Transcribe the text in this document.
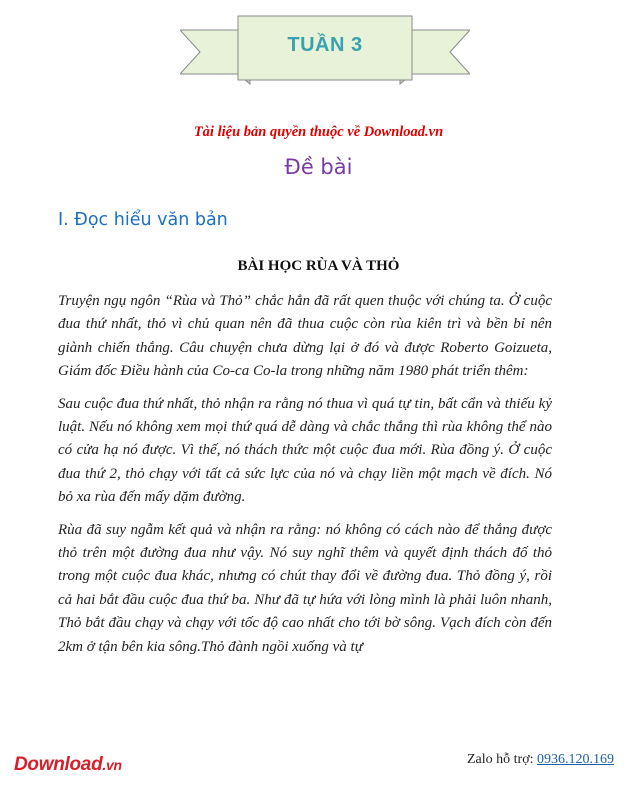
TUẦN 3
Tài liệu bản quyền thuộc về Download.vn
Đề bài
I. Đọc hiểu văn bản
BÀI HỌC RÙA VÀ THỎ

Truyện ngụ ngôn “Rùa và Thỏ” chắc hẳn đã rất quen thuộc với chúng ta. Ở cuộc đua thứ nhất, thỏ vì chủ quan nên đã thua cuộc còn rùa kiên trì và bền bỉ nên giành chiến thắng. Câu chuyện chưa dừng lại ở đó và được Roberto Goizueta, Giám đốc Điều hành của Co-ca Co-la trong những năm 1980 phát triển thêm:

Sau cuộc đua thứ nhất, thỏ nhận ra rằng nó thua vì quá tự tin, bất cẩn và thiếu kỷ luật. Nếu nó không xem mọi thứ quá dễ dàng và chắc thắng thì rùa không thể nào có cửa hạ nó được. Vì thế, nó thách thức một cuộc đua mới. Rùa đồng ý. Ở cuộc đua thứ 2, thỏ chạy với tất cả sức lực của nó và chạy liền một mạch về đích. Nó bỏ xa rùa đến mấy dặm đường.

Rùa đã suy ngẫm kết quả và nhận ra rằng: nó không có cách nào để thắng được thỏ trên một đường đua như vậy. Nó suy nghĩ thêm và quyết định thách đố thỏ trong một cuộc đua khác, nhưng có chút thay đổi về đường đua. Thỏ đồng ý, rồi cả hai bắt đầu cuộc đua thứ ba. Như đã tự hứa với lòng mình là phải luôn nhanh, Thỏ bắt đầu chạy và chạy với tốc độ cao nhất cho tới bờ sông. Vạch đích còn đến 2km ở tận bên kia sông.Thỏ đành ngồi xuống và tự

Download.vn	Zalo hỗ trợ: 0936.120.169
